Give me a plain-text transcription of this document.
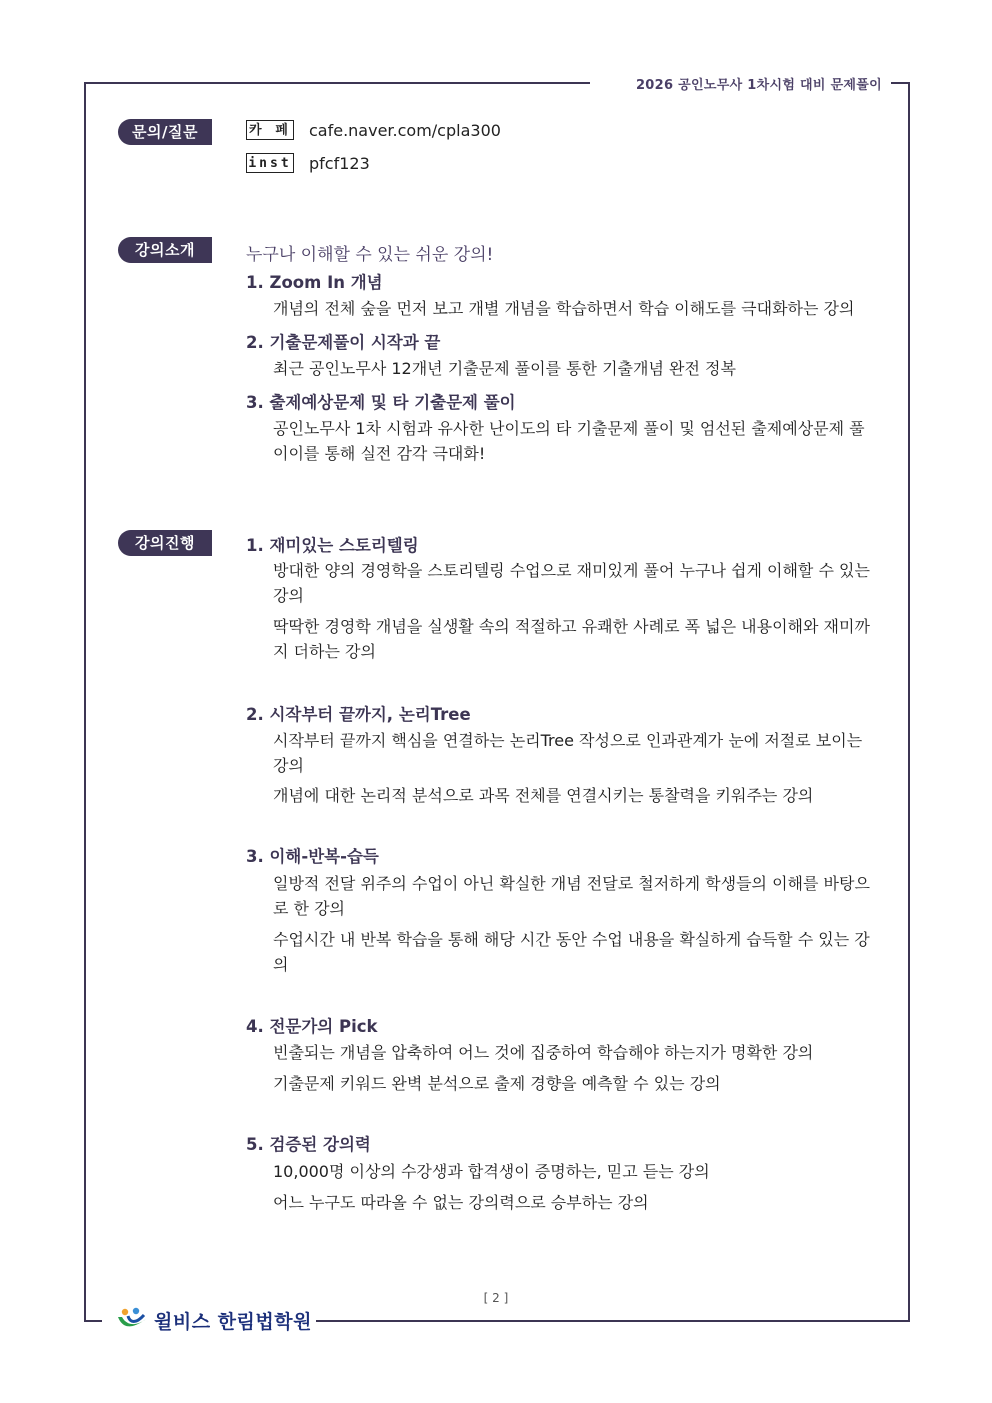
2026 공인노무사 1차시험 대비 문제풀이
문의/질문	카 페 cafe.naver.com/cpla300
inst pfcf123
강의소개	누구나 이해할 수 있는 쉬운 강의!
1. Zoom In 개념
개념의 전체 숲을 먼저 보고 개별 개념을 학습하면서 학습 이해도를 극대화하는 강의
2. 기출문제풀이 시작과 끝
최근 공인노무사 12개년 기출문제 풀이를 통한 기출개념 완전 정복
3. 출제예상문제 및 타 기출문제 풀이
공인노무사 1차 시험과 유사한 난이도의 타 기출문제 풀이 및 엄선된 출제예상문제 풀이이를 통해 실전 감각 극대화!
강의진행	1. 재미있는 스토리텔링
방대한 양의 경영학을 스토리텔링 수업으로 재미있게 풀어 누구나 쉽게 이해할 수 있는 강의
딱딱한 경영학 개념을 실생활 속의 적절하고 유쾌한 사례로 폭 넓은 내용이해와 재미까지 더하는 강의
2. 시작부터 끝까지, 논리Tree
시작부터 끝까지 핵심을 연결하는 논리Tree 작성으로 인과관계가 눈에 저절로 보이는 강의
개념에 대한 논리적 분석으로 과목 전체를 연결시키는 통찰력을 키워주는 강의
3. 이해-반복-습득
일방적 전달 위주의 수업이 아닌 확실한 개념 전달로 철저하게 학생들의 이해를 바탕으로 한 강의
수업시간 내 반복 학습을 통해 해당 시간 동안 수업 내용을 확실하게 습득할 수 있는 강의
4. 전문가의 Pick
빈출되는 개념을 압축하여 어느 것에 집중하여 학습해야 하는지가 명확한 강의
기출문제 키워드 완벽 분석으로 출제 경향을 예측할 수 있는 강의
5. 검증된 강의력
10,000명 이상의 수강생과 합격생이 증명하는, 믿고 듣는 강의
어느 누구도 따라올 수 없는 강의력으로 승부하는 강의
[ 2 ]
윌비스 한림법학원
